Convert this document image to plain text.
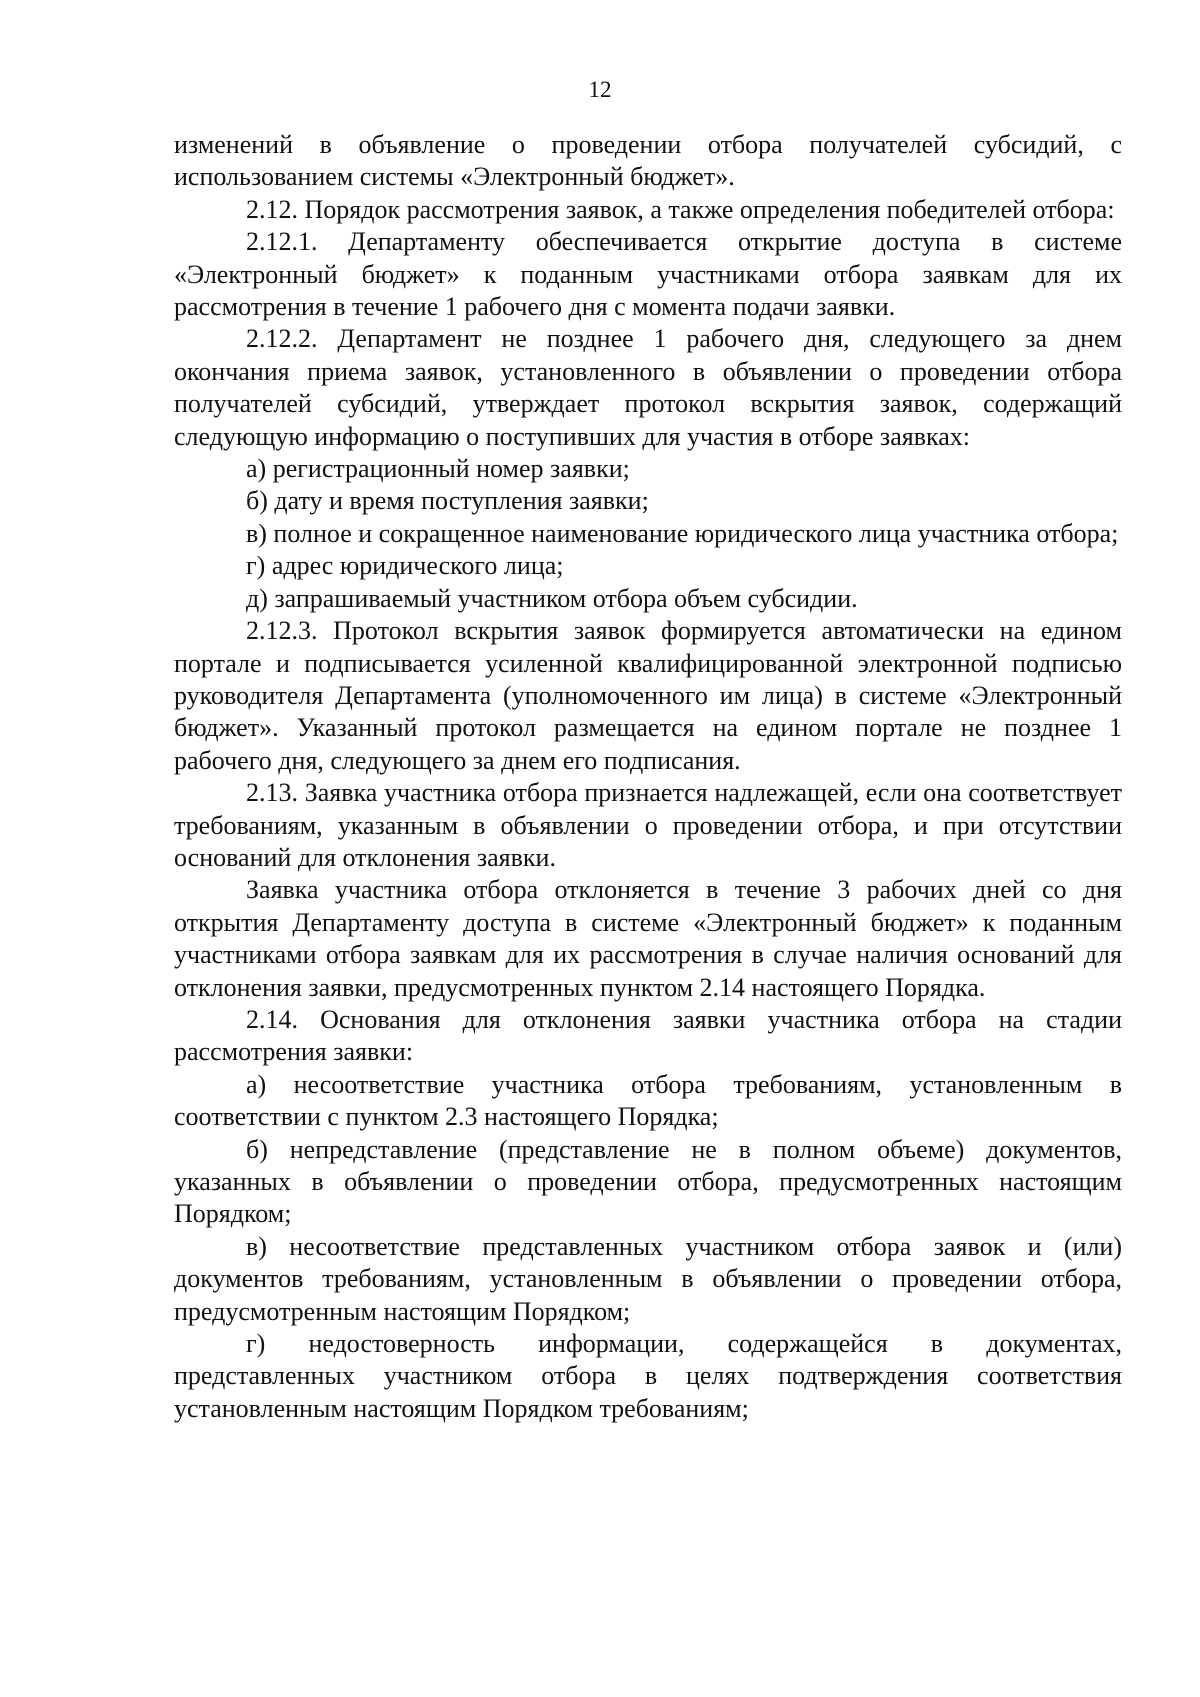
12

изменений в объявление о проведении отбора получателей субсидий, с использованием системы «Электронный бюджет».

2.12. Порядок рассмотрения заявок, а также определения победителей отбора:

2.12.1. Департаменту обеспечивается открытие доступа в системе «Электронный бюджет» к поданным участниками отбора заявкам для их рассмотрения в течение 1 рабочего дня с момента подачи заявки.

2.12.2. Департамент не позднее 1 рабочего дня, следующего за днем окончания приема заявок, установленного в объявлении о проведении отбора получателей субсидий, утверждает протокол вскрытия заявок, содержащий следующую информацию о поступивших для участия в отборе заявках:

а) регистрационный номер заявки;

б) дату и время поступления заявки;

в) полное и сокращенное наименование юридического лица участника отбора;

г) адрес юридического лица;

д) запрашиваемый участником отбора объем субсидии.

2.12.3. Протокол вскрытия заявок формируется автоматически на едином портале и подписывается усиленной квалифицированной электронной подписью руководителя Департамента (уполномоченного им лица) в системе «Электронный бюджет». Указанный протокол размещается на едином портале не позднее 1 рабочего дня, следующего за днем его подписания.

2.13. Заявка участника отбора признается надлежащей, если она соответствует требованиям, указанным в объявлении о проведении отбора, и при отсутствии оснований для отклонения заявки.

Заявка участника отбора отклоняется в течение 3 рабочих дней со дня открытия Департаменту доступа в системе «Электронный бюджет» к поданным участниками отбора заявкам для их рассмотрения в случае наличия оснований для отклонения заявки, предусмотренных пунктом 2.14 настоящего Порядка.

2.14. Основания для отклонения заявки участника отбора на стадии рассмотрения заявки:

а) несоответствие участника отбора требованиям, установленным в соответствии с пунктом 2.3 настоящего Порядка;

б) непредставление (представление не в полном объеме) документов, указанных в объявлении о проведении отбора, предусмотренных настоящим Порядком;

в) несоответствие представленных участником отбора заявок и (или) документов требованиям, установленным в объявлении о проведении отбора, предусмотренным настоящим Порядком;

г) недостоверность информации, содержащейся в документах, представленных участником отбора в целях подтверждения соответствия установленным настоящим Порядком требованиям;
